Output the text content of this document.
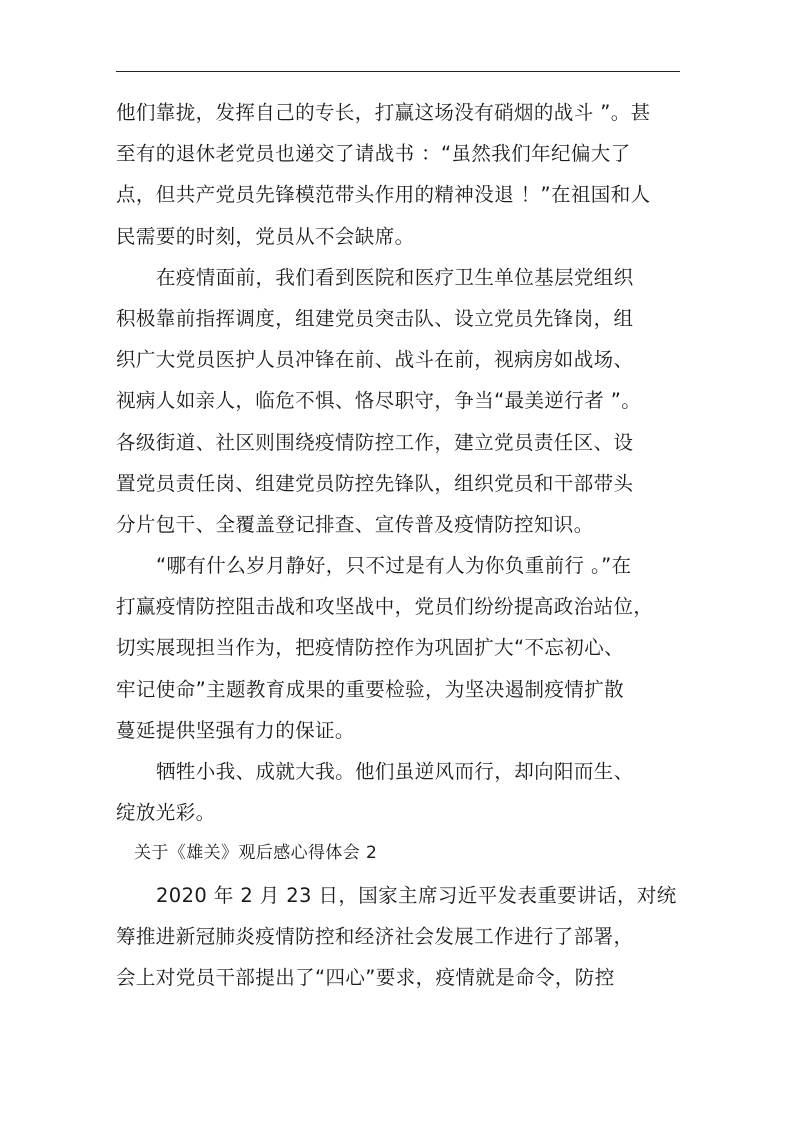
他们靠拢，发挥自己的专长，打赢这场没有硝烟的战斗 ”。甚
至有的退休老党员也递交了请战书 ：“虽然我们年纪偏大了
点，但共产党员先锋模范带头作用的精神没退 ！”在祖国和人
民需要的时刻，党员从不会缺席。
在疫情面前，我们看到医院和医疗卫生单位基层党组织
积极靠前指挥调度，组建党员突击队、设立党员先锋岗，组
织广大党员医护人员冲锋在前、战斗在前，视病房如战场、
视病人如亲人，临危不惧、恪尽职守，争当“最美逆行者 ”。
各级街道、社区则围绕疫情防控工作，建立党员责任区、设
置党员责任岗、组建党员防控先锋队，组织党员和干部带头
分片包干、全覆盖登记排查、宣传普及疫情防控知识。
“哪有什么岁月静好，只不过是有人为你负重前行 。”在
打赢疫情防控阻击战和攻坚战中，党员们纷纷提高政治站位，
切实展现担当作为，把疫情防控作为巩固扩大“不忘初心、
牢记使命”主题教育成果的重要检验，为坚决遏制疫情扩散
蔓延提供坚强有力的保证。
牺牲小我、成就大我。他们虽逆风而行，却向阳而生、
绽放光彩。
关于《雄关》观后感心得体会 2
2020 年 2 月 23 日，国家主席习近平发表重要讲话，对统
筹推进新冠肺炎疫情防控和经济社会发展工作进行了部署，
会上对党员干部提出了“四心”要求，疫情就是命令，防控
